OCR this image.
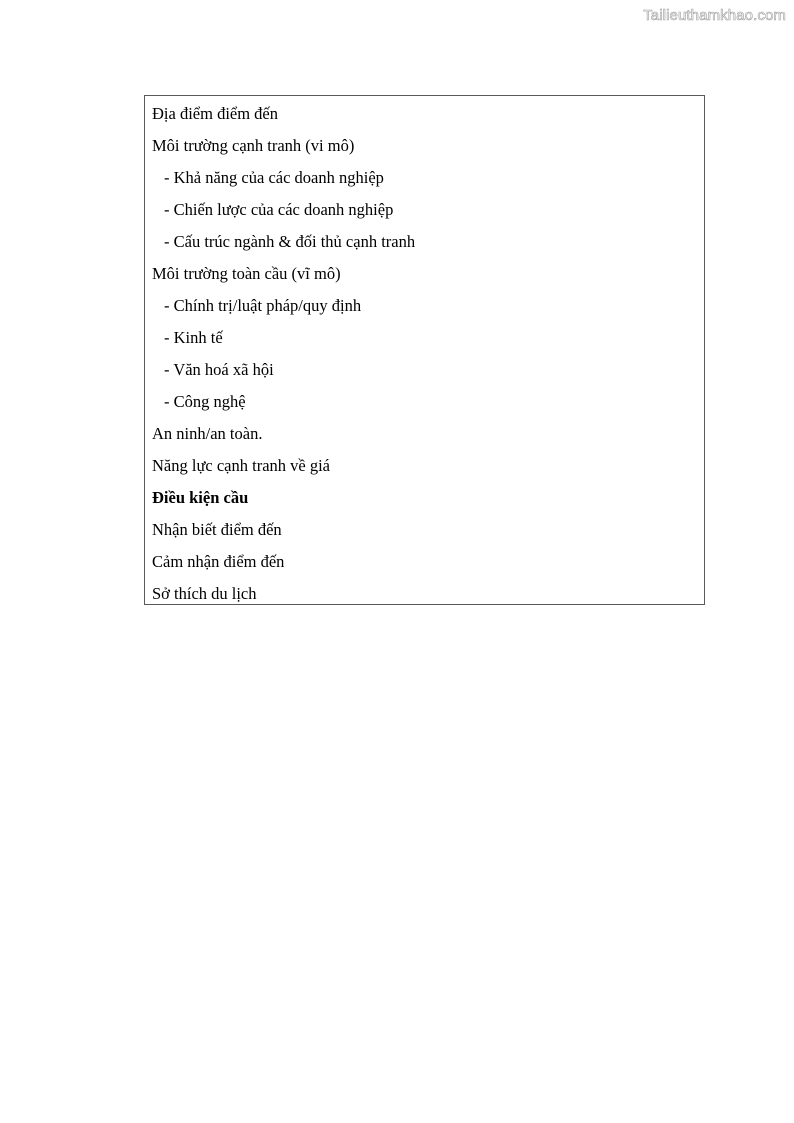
Tailieuthamkhao.com
Địa điểm điểm đến
Môi trường cạnh tranh (vi mô)
- Khả năng của các doanh nghiệp
- Chiến lược của các doanh nghiệp
- Cấu trúc ngành & đối thủ cạnh tranh
Môi trường toàn cầu (vĩ mô)
- Chính trị/luật pháp/quy định
- Kinh tế
- Văn hoá xã hội
- Công nghệ
An ninh/an toàn.
Năng lực cạnh tranh về giá
Điều kiện cầu
Nhận biết điểm đến
Cảm nhận điểm đến
Sở thích du lịch
